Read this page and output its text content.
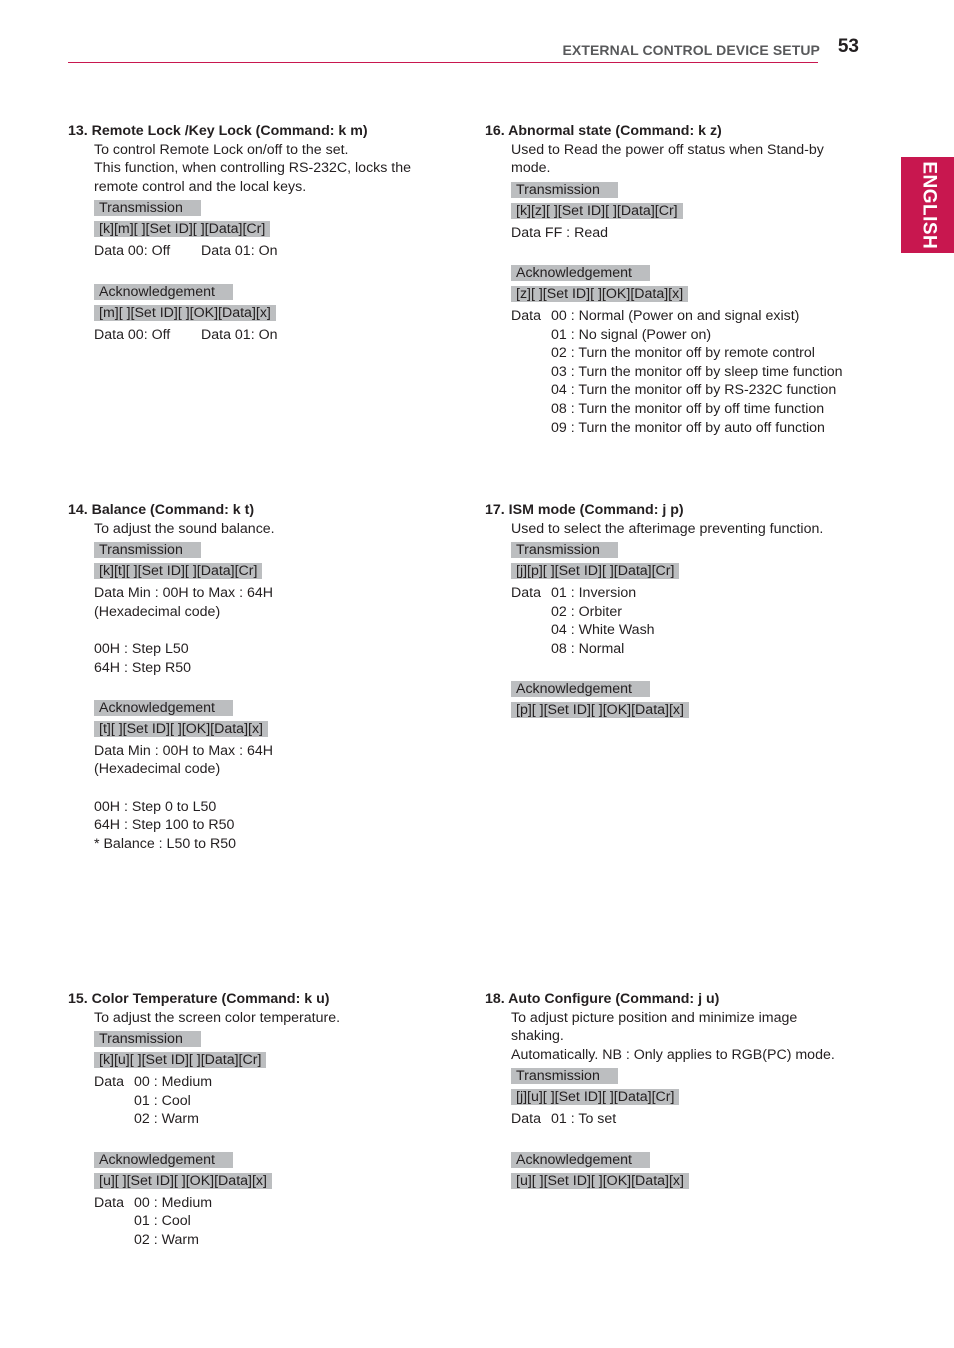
EXTERNAL CONTROL DEVICE SETUP 53
ENGLISH
13. Remote Lock /Key Lock (Command: k m)
To control Remote Lock on/off to the set.
This function, when controlling RS-232C, locks the
remote control and the local keys.
Transmission
[k][m][ ][Set ID][ ][Data][Cr]
Data 00: Off	Data 01: On
Acknowledgement
[m][ ][Set ID][ ][OK][Data][x]
Data 00: Off	Data 01: On
14. Balance (Command: k t)
To adjust the sound balance.
Transmission
[k][t][ ][Set ID][ ][Data][Cr]
Data Min : 00H to Max : 64H
(Hexadecimal code)
00H : Step L50
64H : Step R50
Acknowledgement
[t][ ][Set ID][ ][OK][Data][x]
Data Min : 00H to Max : 64H
(Hexadecimal code)
00H : Step 0 to L50
64H : Step 100 to R50
* Balance : L50 to R50
15. Color Temperature (Command: k u)
To adjust the screen color temperature.
Transmission
[k][u][ ][Set ID][ ][Data][Cr]
Data 00 : Medium
01 : Cool
02 : Warm
Acknowledgement
[u][ ][Set ID][ ][OK][Data][x]
Data 00 : Medium
01 : Cool
02 : Warm
16. Abnormal state (Command: k z)
Used to Read the power off status when Stand-by
mode.
Transmission
[k][z][ ][Set ID][ ][Data][Cr]
Data FF : Read
Acknowledgement
[z][ ][Set ID][ ][OK][Data][x]
Data 00 : Normal (Power on and signal exist)
01 : No signal (Power on)
02 : Turn the monitor off by remote control
03 : Turn the monitor off by sleep time function
04 : Turn the monitor off by RS-232C function
08 : Turn the monitor off by off time function
09 : Turn the monitor off by auto off function
17. ISM mode (Command: j p)
Used to select the afterimage preventing function.
Transmission
[j][p][ ][Set ID][ ][Data][Cr]
Data 01 : Inversion
02 : Orbiter
04 : White Wash
08 : Normal
Acknowledgement
[p][ ][Set ID][ ][OK][Data][x]
18. Auto Configure (Command: j u)
To adjust picture position and minimize image
shaking.
Automatically. NB : Only applies to RGB(PC) mode.
Transmission
[j][u][ ][Set ID][ ][Data][Cr]
Data 01 : To set
Acknowledgement
[u][ ][Set ID][ ][OK][Data][x]
